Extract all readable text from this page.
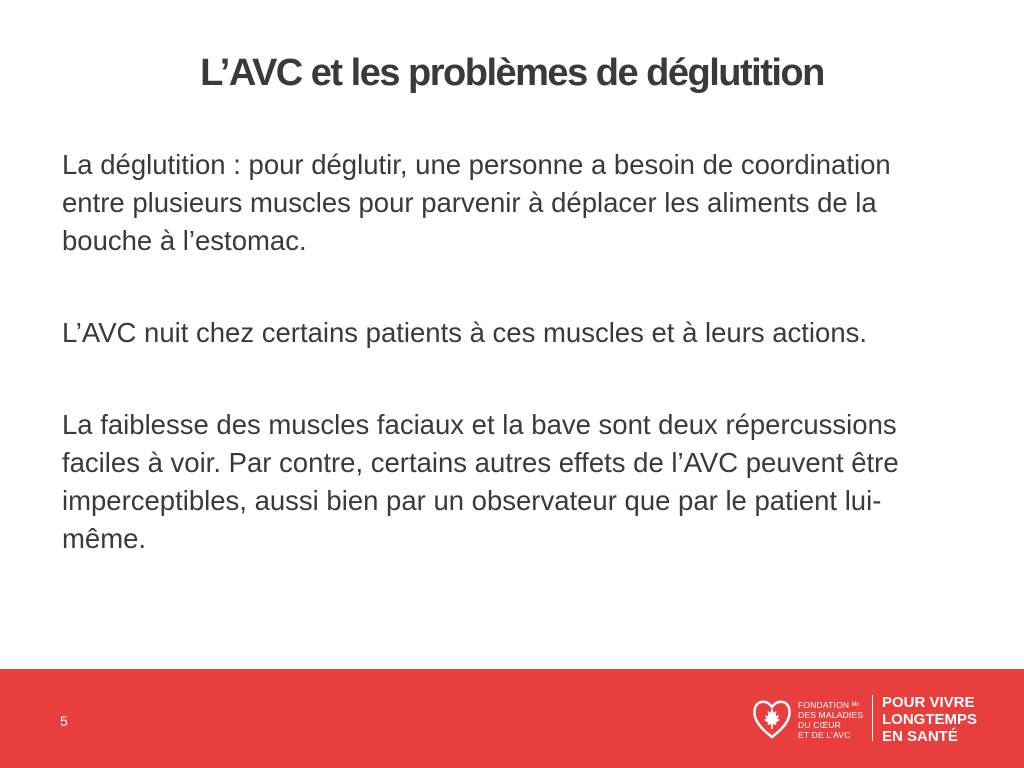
L’AVC et les problèmes de déglutition

La déglutition : pour déglutir, une personne a besoin de coordination entre plusieurs muscles pour parvenir à déplacer les aliments de la bouche à l’estomac.

L’AVC nuit chez certains patients à ces muscles et à leurs actions.

La faiblesse des muscles faciaux et la bave sont deux répercussions faciles à voir. Par contre, certains autres effets de l’AVC peuvent être imperceptibles, aussi bien par un observateur que par le patient lui-même.

5
FONDATION ᴹᶜ
DES MALADIES
DU CŒUR
ET DE L’AVC
POUR VIVRE
LONGTEMPS
EN SANTÉ
